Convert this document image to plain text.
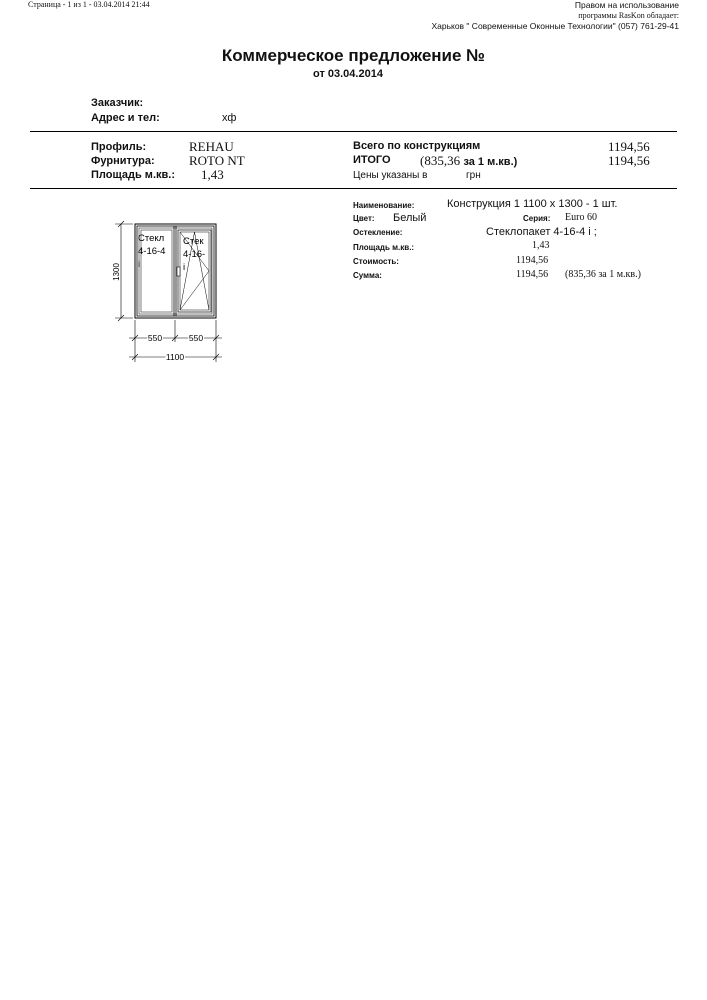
Страница - 1 из 1 - 03.04.2014 21:44	Правом на использование
программы RasKon обладает:
Харьков " Современные Оконные Технологии" (057) 761-29-41
Коммерческое предложение №
от 03.04.2014
Заказчик:
Адрес и тел:	хф
Профиль:	REHAU
Фурнитура:	ROTO NT
Площадь м.кв.: 1,43
Всего по конструкциям	1194,56
ИТОГО (835,36 за 1 м.кв.)	1194,56
Цены указаны в	грн
Наименование:	Конструкция 1 1100 х 1300 - 1 шт.
Цвет: Белый	Серия: Euro 60
Остекление:	Стеклопакет 4-16-4 i ;
Площадь м.кв.:	1,43
Стоимость:	1194,56
Сумма:	1194,56 (835,36 за 1 м.кв.)
1300
Стекл
4-16-4
i
Стек
4-16-
i
550	550
1100
